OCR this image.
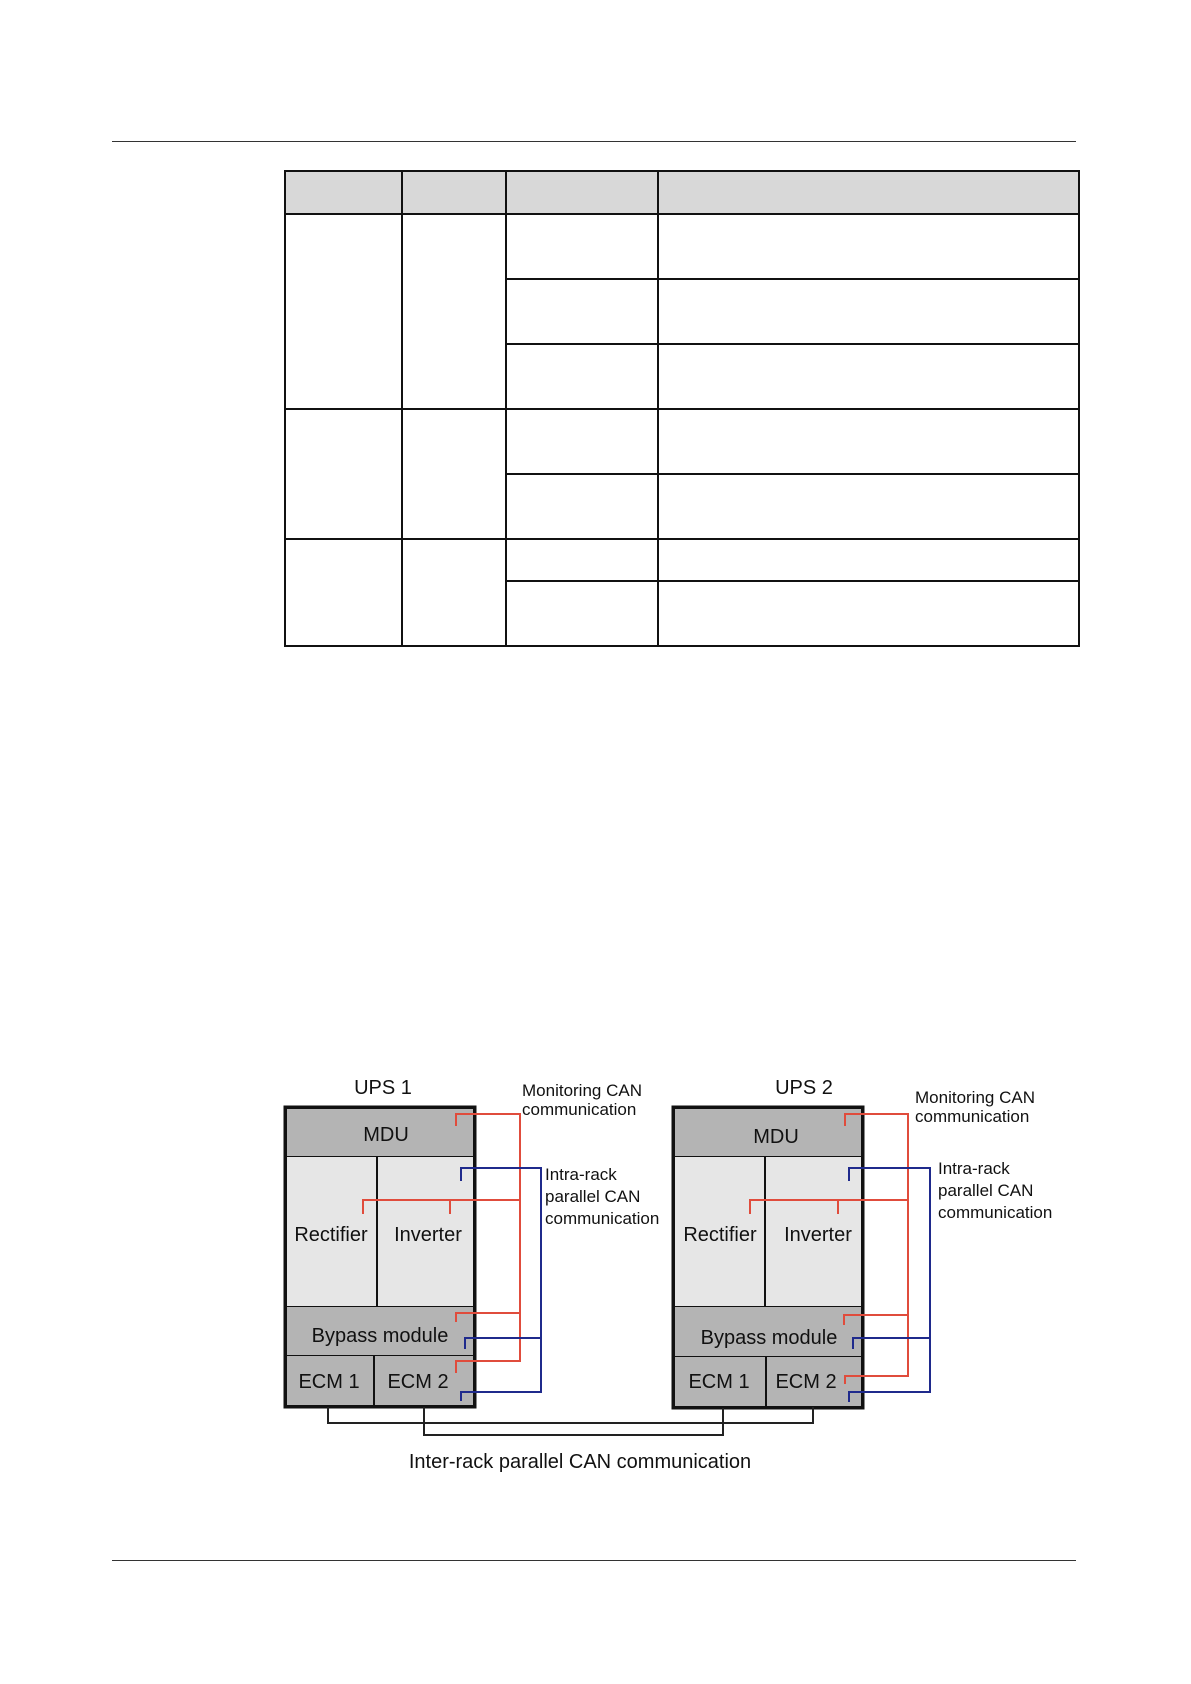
UPS 1
MDU
Rectifier Inverter
Bypass module
ECM 1 ECM 2
Monitoring CAN communication
Intra-rack parallel CAN communication
UPS 2
MDU
Rectifier Inverter
Bypass module
ECM 1 ECM 2
Monitoring CAN communication
Intra-rack parallel CAN communication
Inter-rack parallel CAN communication
